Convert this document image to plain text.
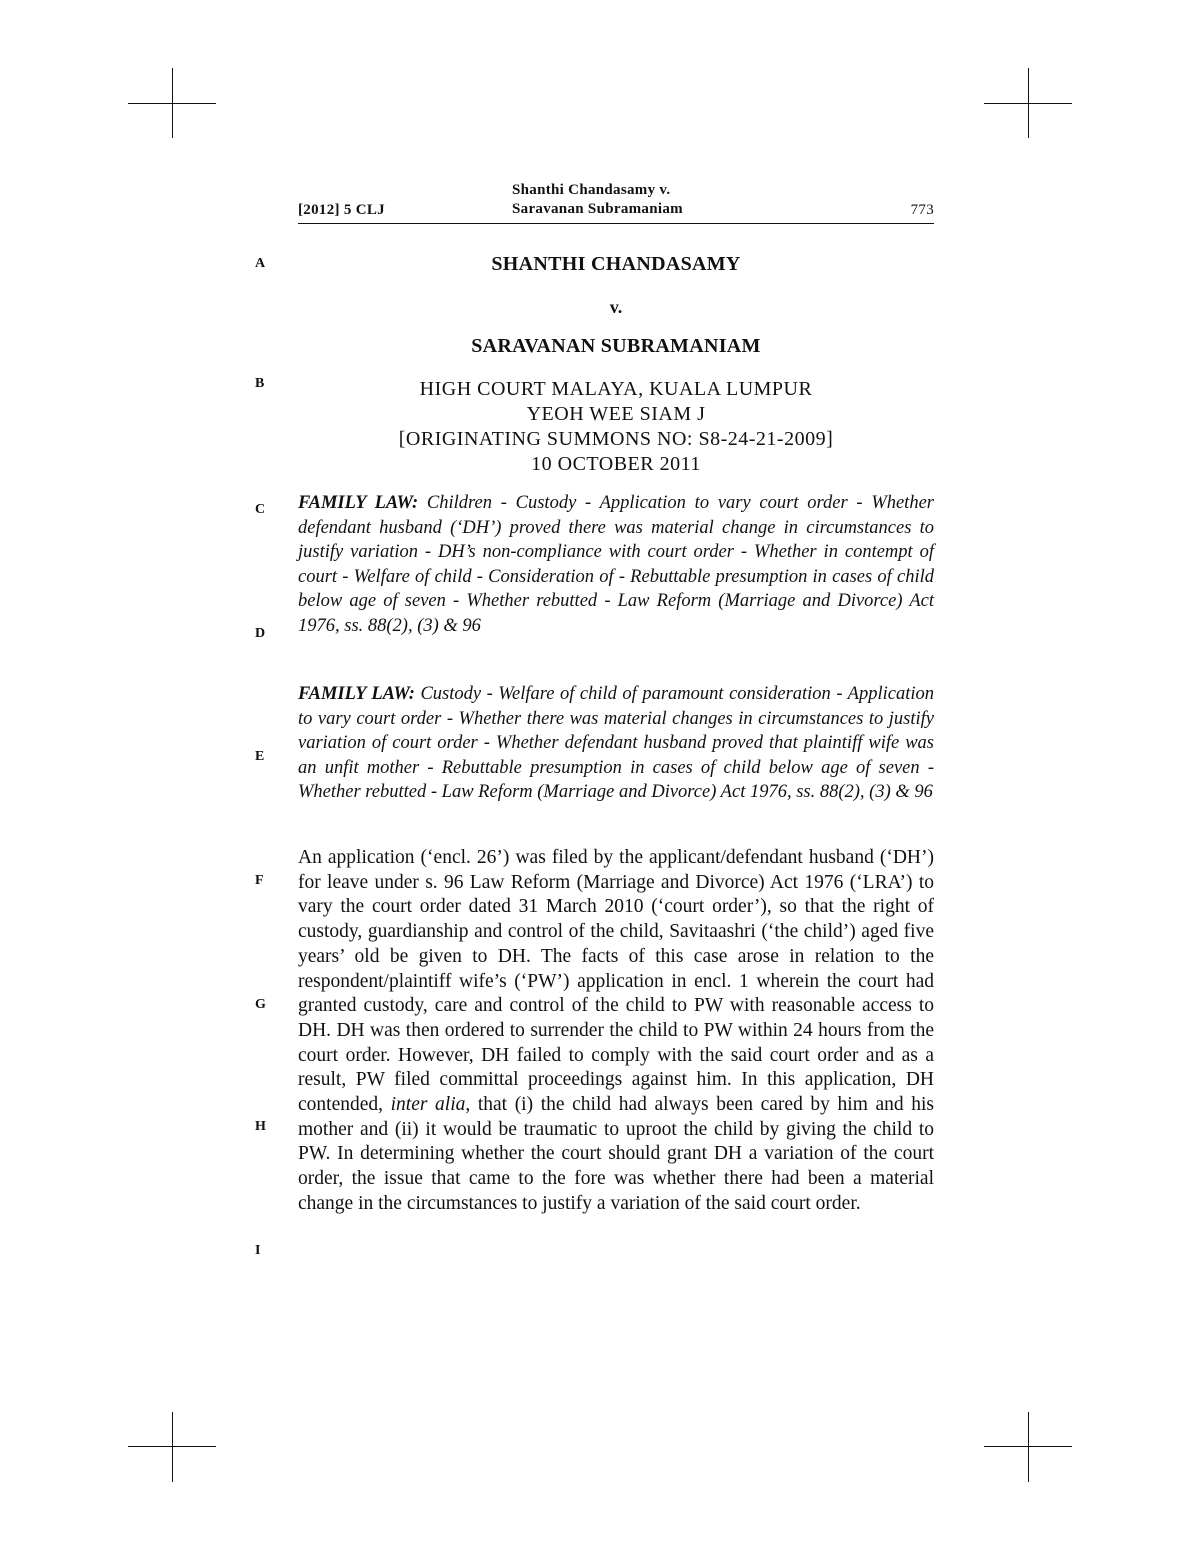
[2012] 5 CLJ
Shanthi Chandasamy v.
Saravanan Subramaniam	773
A
B
C
D
E
F
G
H
I
SHANTHI CHANDASAMY
v.
SARAVANAN SUBRAMANIAM
HIGH COURT MALAYA, KUALA LUMPUR
YEOH WEE SIAM J
[ORIGINATING SUMMONS NO: S8-24-21-2009]
10 OCTOBER 2011
FAMILY LAW: Children - Custody - Application to vary court order - Whether defendant husband (‘DH’) proved there was material change in circumstances to justify variation - DH’s non-compliance with court order - Whether in contempt of court - Welfare of child - Consideration of - Rebuttable presumption in cases of child below age of seven - Whether rebutted - Law Reform (Marriage and Divorce) Act 1976, ss. 88(2), (3) & 96
FAMILY LAW: Custody - Welfare of child of paramount consideration - Application to vary court order - Whether there was material changes in circumstances to justify variation of court order - Whether defendant husband proved that plaintiff wife was an unfit mother - Rebuttable presumption in cases of child below age of seven - Whether rebutted - Law Reform (Marriage and Divorce) Act 1976, ss. 88(2), (3) & 96
An application (‘encl. 26’) was filed by the applicant/defendant husband (‘DH’) for leave under s. 96 Law Reform (Marriage and Divorce) Act 1976 (‘LRA’) to vary the court order dated 31 March 2010 (‘court order’), so that the right of custody, guardianship and control of the child, Savitaashri (‘the child’) aged five years’ old be given to DH. The facts of this case arose in relation to the respondent/plaintiff wife’s (‘PW’) application in encl. 1 wherein the court had granted custody, care and control of the child to PW with reasonable access to DH. DH was then ordered to surrender the child to PW within 24 hours from the court order. However, DH failed to comply with the said court order and as a result, PW filed committal proceedings against him. In this application, DH contended, inter alia, that (i) the child had always been cared by him and his mother and (ii) it would be traumatic to uproot the child by giving the child to PW. In determining whether the court should grant DH a variation of the court order, the issue that came to the fore was whether there had been a material change in the circumstances to justify a variation of the said court order.
